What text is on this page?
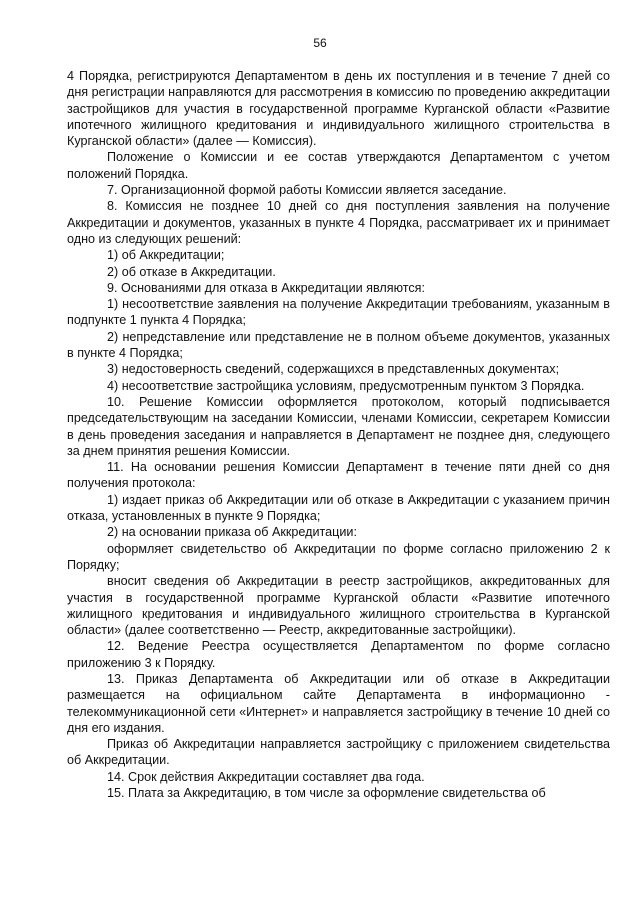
56

4 Порядка, регистрируются Департаментом в день их поступления и в течение 7 дней со дня регистрации направляются для рассмотрения в комиссию по проведению аккредитации застройщиков для участия в государственной программе Курганской области «Развитие ипотечного жилищного кредитования и индивидуального жилищного строительства в Курганской области» (далее — Комиссия).

Положение о Комиссии и ее состав утверждаются Департаментом с учетом положений Порядка.

7. Организационной формой работы Комиссии является заседание.

8. Комиссия не позднее 10 дней со дня поступления заявления на получение Аккредитации и документов, указанных в пункте 4 Порядка, рассматривает их и принимает одно из следующих решений:

1) об Аккредитации;

2) об отказе в Аккредитации.

9. Основаниями для отказа в Аккредитации являются:

1) несоответствие заявления на получение Аккредитации требованиям, указанным в подпункте 1 пункта 4 Порядка;

2) непредставление или представление не в полном объеме документов, указанных в пункте 4 Порядка;

3) недостоверность сведений, содержащихся в представленных документах;

4) несоответствие застройщика условиям, предусмотренным пунктом 3 Порядка.

10. Решение Комиссии оформляется протоколом, который подписывается председательствующим на заседании Комиссии, членами Комиссии, секретарем Комиссии в день проведения заседания и направляется в Департамент не позднее дня, следующего за днем принятия решения Комиссии.

11. На основании решения Комиссии Департамент в течение пяти дней со дня получения протокола:

1) издает приказ об Аккредитации или об отказе в Аккредитации с указанием причин отказа, установленных в пункте 9 Порядка;

2) на основании приказа об Аккредитации:

оформляет свидетельство об Аккредитации по форме согласно приложению 2 к Порядку;

вносит сведения об Аккредитации в реестр застройщиков, аккредитованных для участия в государственной программе Курганской области «Развитие ипотечного жилищного кредитования и индивидуального жилищного строительства в Курганской области» (далее соответственно — Реестр, аккредитованные застройщики).

12. Ведение Реестра осуществляется Департаментом по форме согласно приложению 3 к Порядку.

13. Приказ Департамента об Аккредитации или об отказе в Аккредитации размещается на официальном сайте Департамента в информационно - телекоммуникационной сети «Интернет» и направляется застройщику в течение 10 дней со дня его издания.

Приказ об Аккредитации направляется застройщику с приложением свидетельства об Аккредитации.

14. Срок действия Аккредитации составляет два года.

15. Плата за Аккредитацию, в том числе за оформление свидетельства об
